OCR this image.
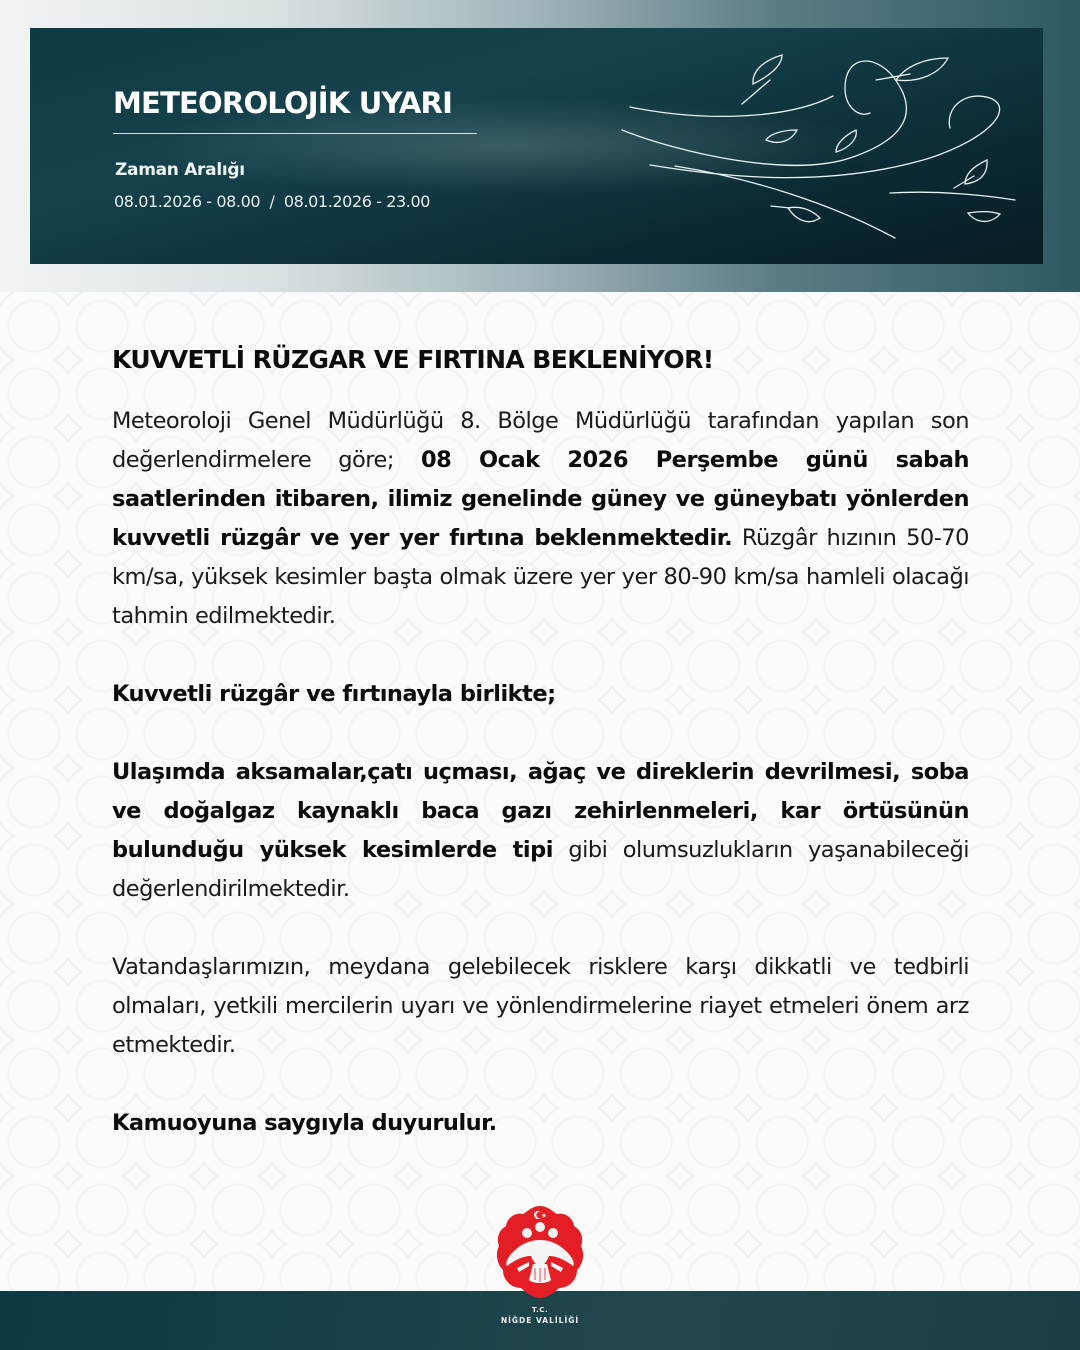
METEOROLOJİK UYARI
Zaman Aralığı
08.01.2026 - 08.00  /  08.01.2026 - 23.00
KUVVETLİ RÜZGAR VE FIRTINA BEKLENİYOR!

Meteoroloji Genel Müdürlüğü 8. Bölge Müdürlüğü tarafından yapılan son değerlendirmelere göre; 08 Ocak 2026 Perşembe günü sabah saatlerinden itibaren, ilimiz genelinde güney ve güneybatı yönlerden kuvvetli rüzgâr ve yer yer fırtına beklenmektedir. Rüzgâr hızının 50-70 km/sa, yüksek kesimler başta olmak üzere yer yer 80-90 km/sa hamleli olacağı tahmin edilmektedir.

Kuvvetli rüzgâr ve fırtınayla birlikte;

Ulaşımda aksamalar,çatı uçması, ağaç ve direklerin devrilmesi, soba ve doğalgaz kaynaklı baca gazı zehirlenmeleri, kar örtüsünün bulunduğu yüksek kesimlerde tipi gibi olumsuzlukların yaşanabileceği değerlendirilmektedir.

Vatandaşlarımızın, meydana gelebilecek risklere karşı dikkatli ve tedbirli olmaları, yetkili mercilerin uyarı ve yönlendirmelerine riayet etmeleri önem arz etmektedir.

Kamuoyuna saygıyla duyurulur.
T.C.
NİĞDE VALİLİĞİ
